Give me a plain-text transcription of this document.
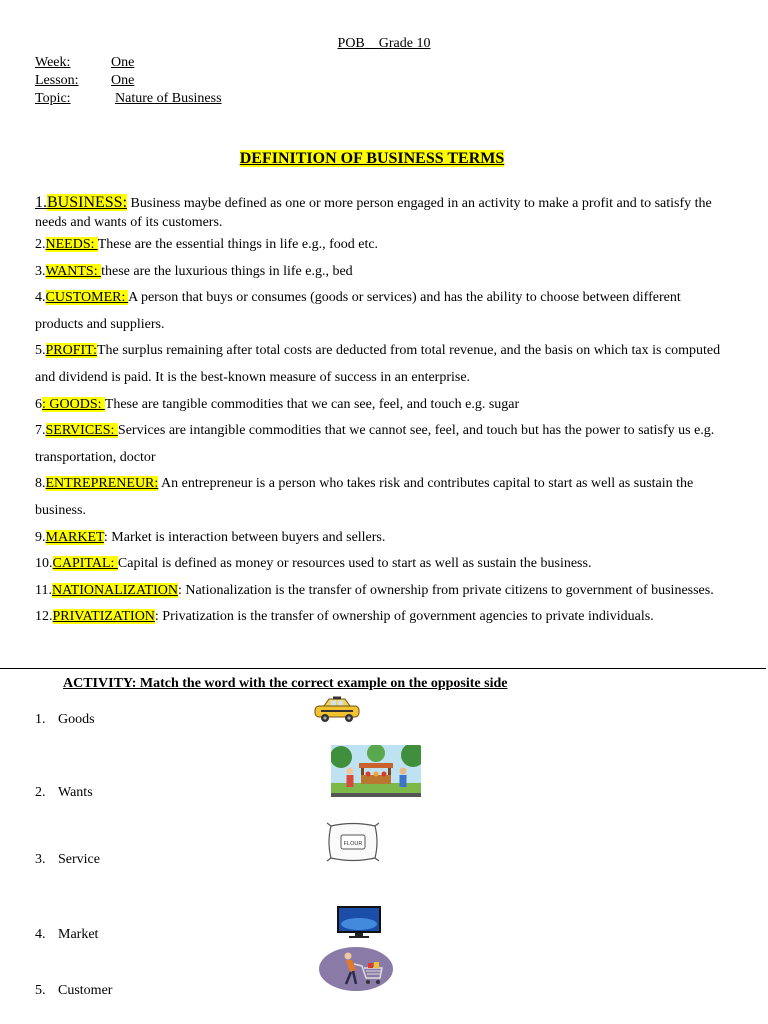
POB Grade 10
Week:	One
Lesson: One
Topic:	Nature of Business
DEFINITION OF BUSINESS TERMS

1.BUSINESS: Business maybe defined as one or more person engaged in an activity to make a profit and to satisfy the needs and wants of its customers.

2.NEEDS: These are the essential things in life e.g., food etc.

3.WANTS: these are the luxurious things in life e.g., bed

4.CUSTOMER: A person that buys or consumes (goods or services) and has the ability to choose between different products and suppliers.

5.PROFIT:The surplus remaining after total costs are deducted from total revenue, and the basis on which tax is computed and dividend is paid. It is the best-known measure of success in an enterprise.

6: GOODS: These are tangible commodities that we can see, feel, and touch e.g. sugar

7.SERVICES: Services are intangible commodities that we cannot see, feel, and touch but has the power to satisfy us e.g. transportation, doctor

8.ENTREPRENEUR: An entrepreneur is a person who takes risk and contributes capital to start as well as sustain the business.

9.MARKET: Market is interaction between buyers and sellers.

10.CAPITAL: Capital is defined as money or resources used to start as well as sustain the business.

11.NATIONALIZATION: Nationalization is the transfer of ownership from private citizens to government of businesses.

12.PRIVATIZATION: Privatization is the transfer of ownership of government agencies to private individuals.

ACTIVITY: Match the word with the correct example on the opposite side
1. Goods
2. Wants
3. Service
4. Market
5. Customer
FLOUR
